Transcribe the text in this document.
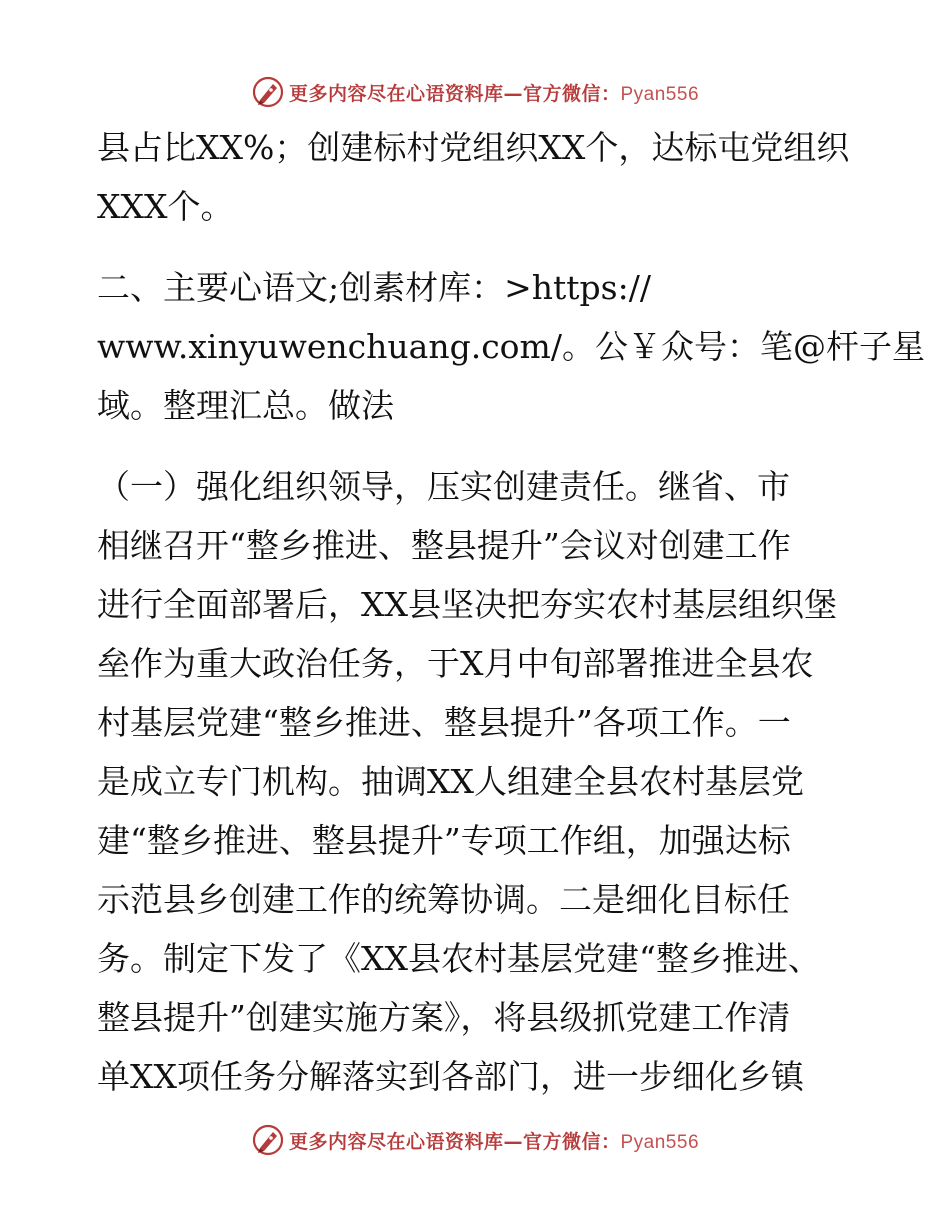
更多内容尽在心语资料库—官方微信：Pyan556
县占比XX%；创建标村党组织XX个，达标屯党组织
XXX个。
二、主要心语文;创素材库：>https://
www.xinyuwenchuang.com/。公￥众号：笔@杆子星
域。整理汇总。做法
（一）强化组织领导，压实创建责任。继省、市
相继召开“整乡推进、整县提升”会议对创建工作
进行全面部署后，XX县坚决把夯实农村基层组织堡
垒作为重大政治任务，于X月中旬部署推进全县农
村基层党建“整乡推进、整县提升”各项工作。一
是成立专门机构。抽调XX人组建全县农村基层党
建“整乡推进、整县提升”专项工作组，加强达标
示范县乡创建工作的统筹协调。二是细化目标任
务。制定下发了《XX县农村基层党建“整乡推进、
整县提升”创建实施方案》，将县级抓党建工作清
单XX项任务分解落实到各部门，进一步细化乡镇
更多内容尽在心语资料库—官方微信：Pyan556
